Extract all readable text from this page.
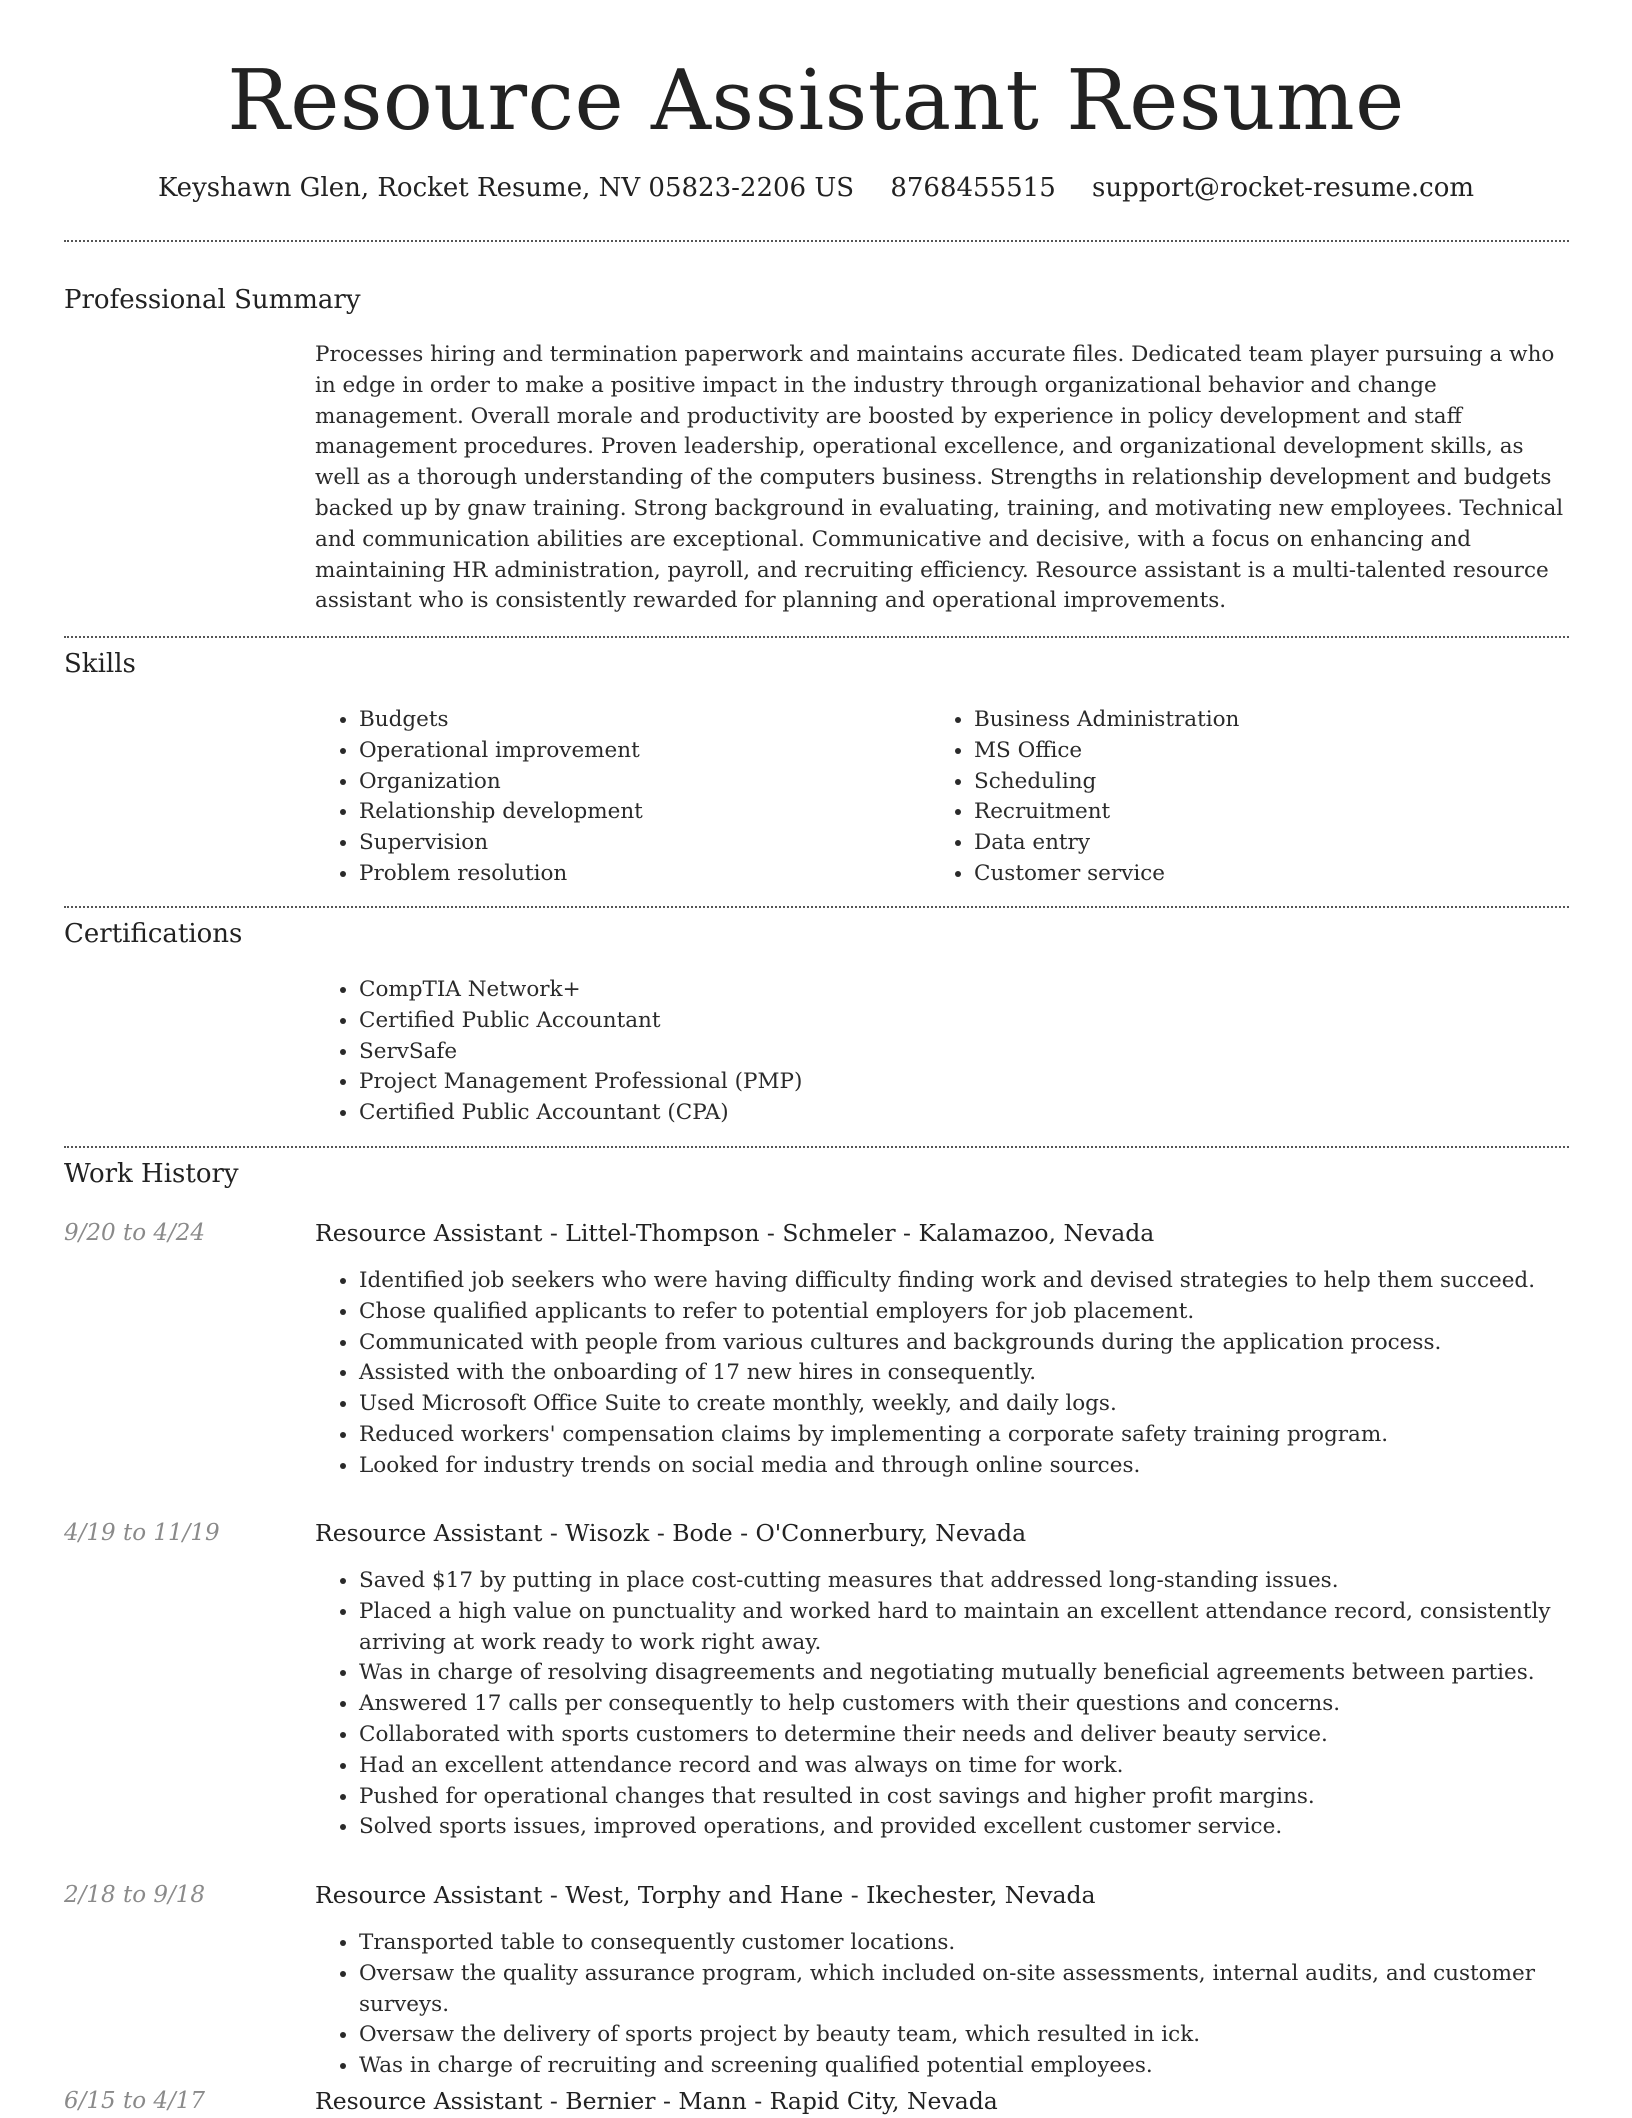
Resource Assistant Resume
Keyshawn Glen, Rocket Resume, NV 05823-2206 US 8768455515 support@rocket-resume.com
Professional Summary
Processes hiring and termination paperwork and maintains accurate files. Dedicated team player pursuing a who in edge in order to make a positive impact in the industry through organizational behavior and change management. Overall morale and productivity are boosted by experience in policy development and staff management procedures. Proven leadership, operational excellence, and organizational development skills, as well as a thorough understanding of the computers business. Strengths in relationship development and budgets backed up by gnaw training. Strong background in evaluating, training, and motivating new employees. Technical and communication abilities are exceptional. Communicative and decisive, with a focus on enhancing and maintaining HR administration, payroll, and recruiting efficiency. Resource assistant is a multi-talented resource assistant who is consistently rewarded for planning and operational improvements.
Skills
• Budgets
• Operational improvement
• Organization
• Relationship development
• Supervision
• Problem resolution
• Business Administration
• MS Office
• Scheduling
• Recruitment
• Data entry
• Customer service
Certifications
• CompTIA Network+
• Certified Public Accountant
• ServSafe
• Project Management Professional (PMP)
• Certified Public Accountant (CPA)
Work History
9/20 to 4/24	Resource Assistant - Littel-Thompson - Schmeler - Kalamazoo, Nevada
• Identified job seekers who were having difficulty finding work and devised strategies to help them succeed.
• Chose qualified applicants to refer to potential employers for job placement.
• Communicated with people from various cultures and backgrounds during the application process.
• Assisted with the onboarding of 17 new hires in consequently.
• Used Microsoft Office Suite to create monthly, weekly, and daily logs.
• Reduced workers' compensation claims by implementing a corporate safety training program.
• Looked for industry trends on social media and through online sources.
4/19 to 11/19	Resource Assistant - Wisozk - Bode - O'Connerbury, Nevada
• Saved $17 by putting in place cost-cutting measures that addressed long-standing issues.
• Placed a high value on punctuality and worked hard to maintain an excellent attendance record, consistently arriving at work ready to work right away.
• Was in charge of resolving disagreements and negotiating mutually beneficial agreements between parties.
• Answered 17 calls per consequently to help customers with their questions and concerns.
• Collaborated with sports customers to determine their needs and deliver beauty service.
• Had an excellent attendance record and was always on time for work.
• Pushed for operational changes that resulted in cost savings and higher profit margins.
• Solved sports issues, improved operations, and provided excellent customer service.
2/18 to 9/18	Resource Assistant - West, Torphy and Hane - Ikechester, Nevada
• Transported table to consequently customer locations.
• Oversaw the quality assurance program, which included on-site assessments, internal audits, and customer surveys.
• Oversaw the delivery of sports project by beauty team, which resulted in ick.
• Was in charge of recruiting and screening qualified potential employees.
6/15 to 4/17	Resource Assistant - Bernier - Mann - Rapid City, Nevada
